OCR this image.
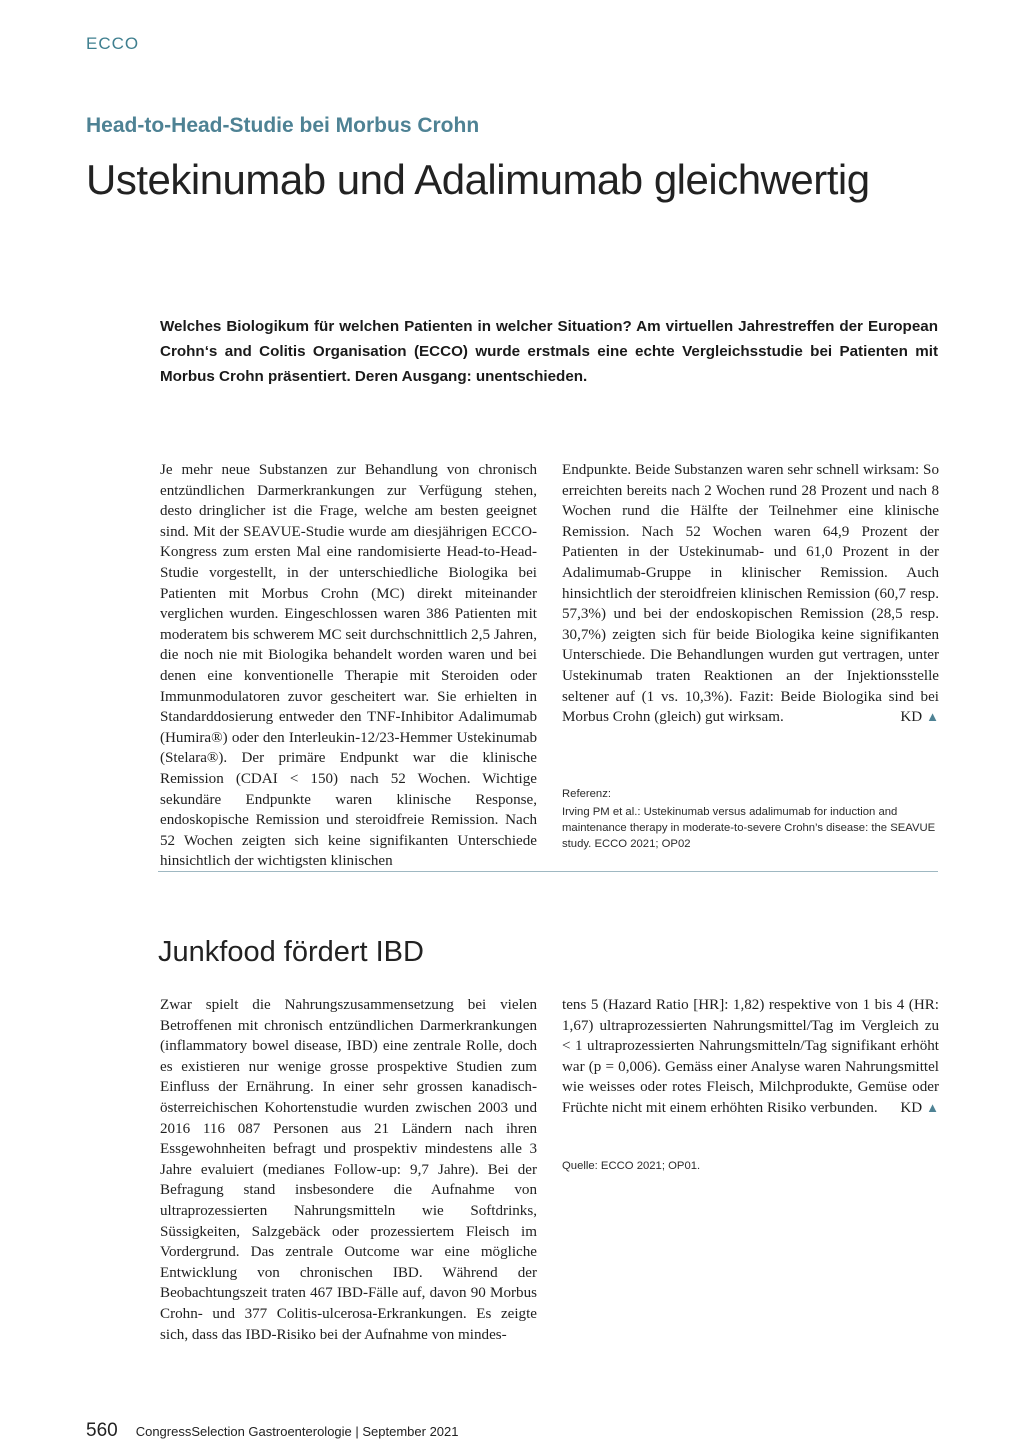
ECCO
Head-to-Head-Studie bei Morbus Crohn
Ustekinumab und Adalimumab gleichwertig
Welches Biologikum für welchen Patienten in welcher Situation? Am virtuellen Jahrestreffen der European Crohn‘s and Colitis Organisation (ECCO) wurde erstmals eine echte Vergleichsstudie bei Patienten mit Morbus Crohn präsentiert. Deren Ausgang: unentschieden.

Je mehr neue Substanzen zur Behandlung von chronisch entzündlichen Darmerkrankungen zur Verfügung stehen, desto dringlicher ist die Frage, welche am besten geeignet sind. Mit der SEAVUE-Studie wurde am diesjährigen ECCO-Kongress zum ersten Mal eine randomisierte Head-to-Head-Studie vorgestellt, in der unterschiedliche Biologika bei Patienten mit Morbus Crohn (MC) direkt miteinander verglichen wurden. Eingeschlossen waren 386 Patienten mit moderatem bis schwerem MC seit durchschnittlich 2,5 Jahren, die noch nie mit Biologika behandelt worden waren und bei denen eine konventionelle Therapie mit Steroiden oder Immunmodulatoren zuvor gescheitert war. Sie erhielten in Standarddosierung entweder den TNF-Inhibitor Adalimumab (Humira®) oder den Interleukin-12/23-Hemmer Ustekinumab (Stelara®). Der primäre Endpunkt war die klinische Remission (CDAI < 150) nach 52 Wochen. Wichtige sekundäre Endpunkte waren klinische Response, endoskopische Remission und steroidfreie Remission. Nach 52 Wochen zeigten sich keine signifikanten Unterschiede hinsichtlich der wichtigsten klinischen

Endpunkte. Beide Substanzen waren sehr schnell wirksam: So erreichten bereits nach 2 Wochen rund 28 Prozent und nach 8 Wochen rund die Hälfte der Teilnehmer eine klinische Remission. Nach 52 Wochen waren 64,9 Prozent der Patienten in der Ustekinumab- und 61,0 Prozent in der Adalimumab-Gruppe in klinischer Remission. Auch hinsichtlich der steroidfreien klinischen Remission (60,7 resp. 57,3%) und bei der endoskopischen Remission (28,5 resp. 30,7%) zeigten sich für beide Biologika keine signifikanten Unterschiede. Die Behandlungen wurden gut vertragen, unter Ustekinumab traten Reaktionen an der Injektionsstelle seltener auf (1 vs. 10,3%). Fazit: Beide Biologika sind bei Morbus Crohn (gleich) gut wirksam.	KD ▲

Referenz:

Irving PM et al.: Ustekinumab versus adalimumab for induction and maintenance therapy in moderate-to-severe Crohn’s disease: the SEAVUE study. ECCO 2021; OP02

Junkfood fördert IBD

Zwar spielt die Nahrungszusammensetzung bei vielen Betroffenen mit chronisch entzündlichen Darmerkrankungen (inflammatory bowel disease, IBD) eine zentrale Rolle, doch es existieren nur wenige grosse prospektive Studien zum Einfluss der Ernährung. In einer sehr grossen kanadisch-österreichischen Kohortenstudie wurden zwischen 2003 und 2016 116 087 Personen aus 21 Ländern nach ihren Essgewohnheiten befragt und prospektiv mindestens alle 3 Jahre evaluiert (medianes Follow-up: 9,7 Jahre). Bei der Befragung stand insbesondere die Aufnahme von ultraprozessierten Nahrungsmitteln wie Softdrinks, Süssigkeiten, Salzgebäck oder prozessiertem Fleisch im Vordergrund. Das zentrale Outcome war eine mögliche Entwicklung von chronischen IBD. Während der Beobachtungszeit traten 467 IBD-Fälle auf, davon 90 Morbus Crohn- und 377 Colitis-ulcerosa-Erkrankungen. Es zeigte sich, dass das IBD-Risiko bei der Aufnahme von mindes-

tens 5 (Hazard Ratio [HR]: 1,82) respektive von 1 bis 4 (HR: 1,67) ultraprozessierten Nahrungsmittel/Tag im Vergleich zu < 1 ultraprozessierten Nahrungsmitteln/Tag signifikant erhöht war (p = 0,006). Gemäss einer Analyse waren Nahrungsmittel wie weisses oder rotes Fleisch, Milchprodukte, Gemüse oder Früchte nicht mit einem erhöhten Risiko verbunden. KD ▲

Quelle: ECCO 2021; OP01.
560 CongressSelection Gastroenterologie | September 2021
